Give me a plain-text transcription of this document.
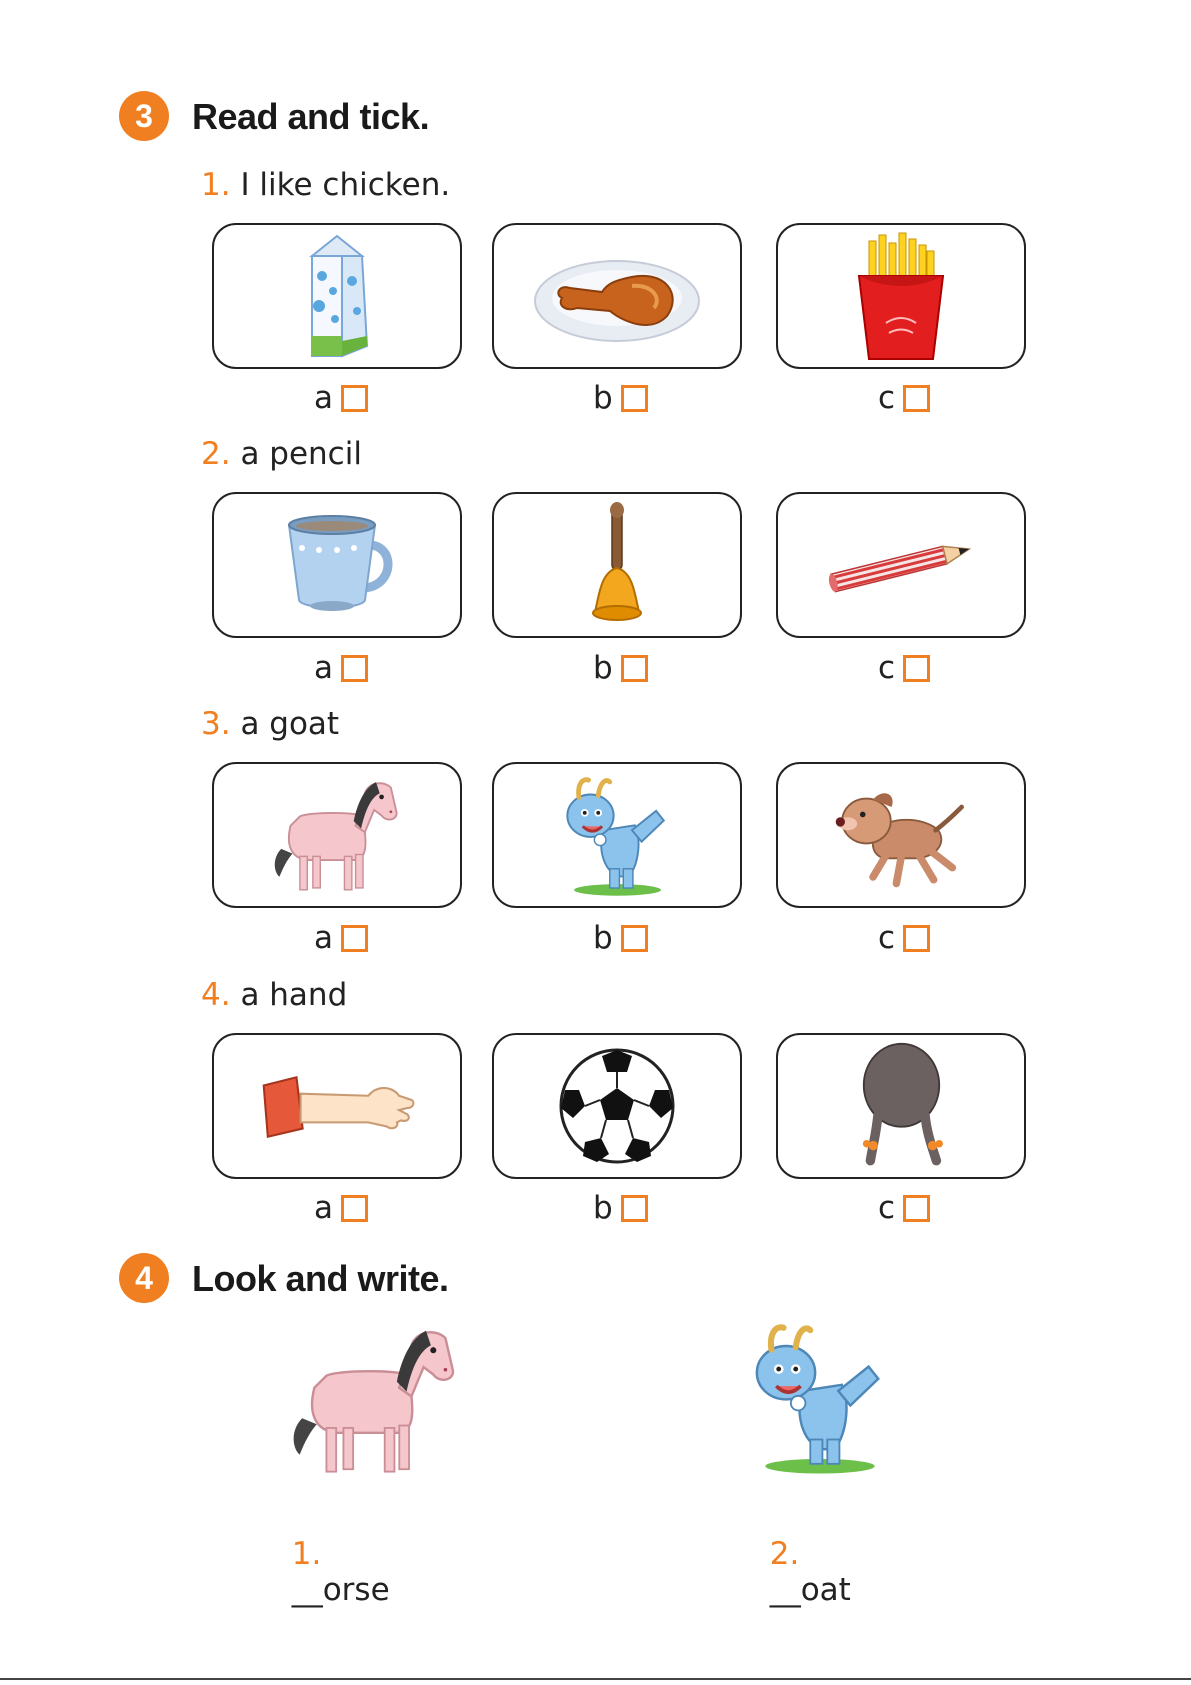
3	Read and tick.
1. I like chicken.
a	b	c
2. a pencil
a	b	c
3. a goat
a	b	c
4. a hand
a	b	c
4	Look and write.

1.
__orse

2.
__oat
